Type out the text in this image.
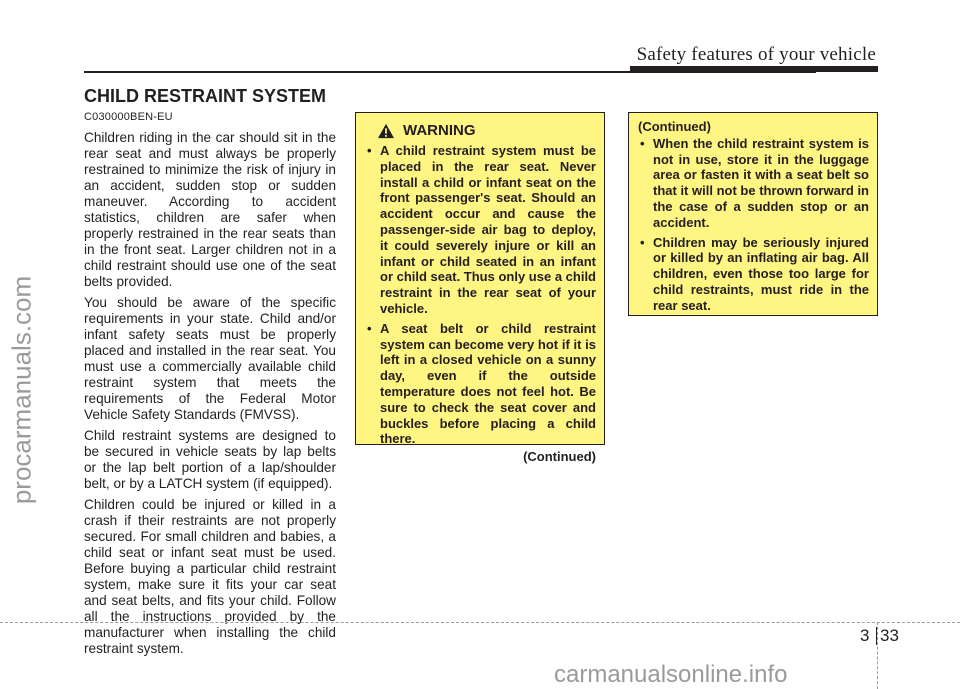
procarmanuals.com
Safety features of your vehicle
CHILD RESTRAINT SYSTEM

C030000BEN-EU

Children riding in the car should sit in the rear seat and must always be properly restrained to minimize the risk of injury in an accident, sudden stop or sudden maneuver. According to accident statistics, children are safer when properly restrained in the rear seats than in the front seat. Larger children not in a child restraint should use one of the seat belts provided.

You should be aware of the specific requirements in your state. Child and/or infant safety seats must be properly placed and installed in the rear seat. You must use a commercially available child restraint system that meets the requirements of the Federal Motor Vehicle Safety Standards (FMVSS).

Child restraint systems are designed to be secured in vehicle seats by lap belts or the lap belt portion of a lap/shoulder belt, or by a LATCH system (if equipped).

Children could be injured or killed in a crash if their restraints are not properly secured. For small children and babies, a child seat or infant seat must be used. Before buying a particular child restraint system, make sure it fits your car seat and seat belts, and fits your child. Follow all the instructions provided by the manufacturer when installing the child restraint system.

WARNING
• A child restraint system must be placed in the rear seat. Never install a child or infant seat on the front passenger's seat. Should an accident occur and cause the passenger-side air bag to deploy, it could severely injure or kill an infant or child seated in an infant or child seat. Thus only use a child restraint in the rear seat of your vehicle.
• A seat belt or child restraint system can become very hot if it is left in a closed vehicle on a sunny day, even if the outside temperature does not feel hot. Be sure to check the seat cover and buckles before placing a child there.
(Continued)
(Continued)
• When the child restraint system is not in use, store it in the luggage area or fasten it with a seat belt so that it will not be thrown forward in the case of a sudden stop or an accident.
• Children may be seriously injured or killed by an inflating air bag. All children, even those too large for child restraints, must ride in the rear seat.
3 33
carmanualsonline.info
